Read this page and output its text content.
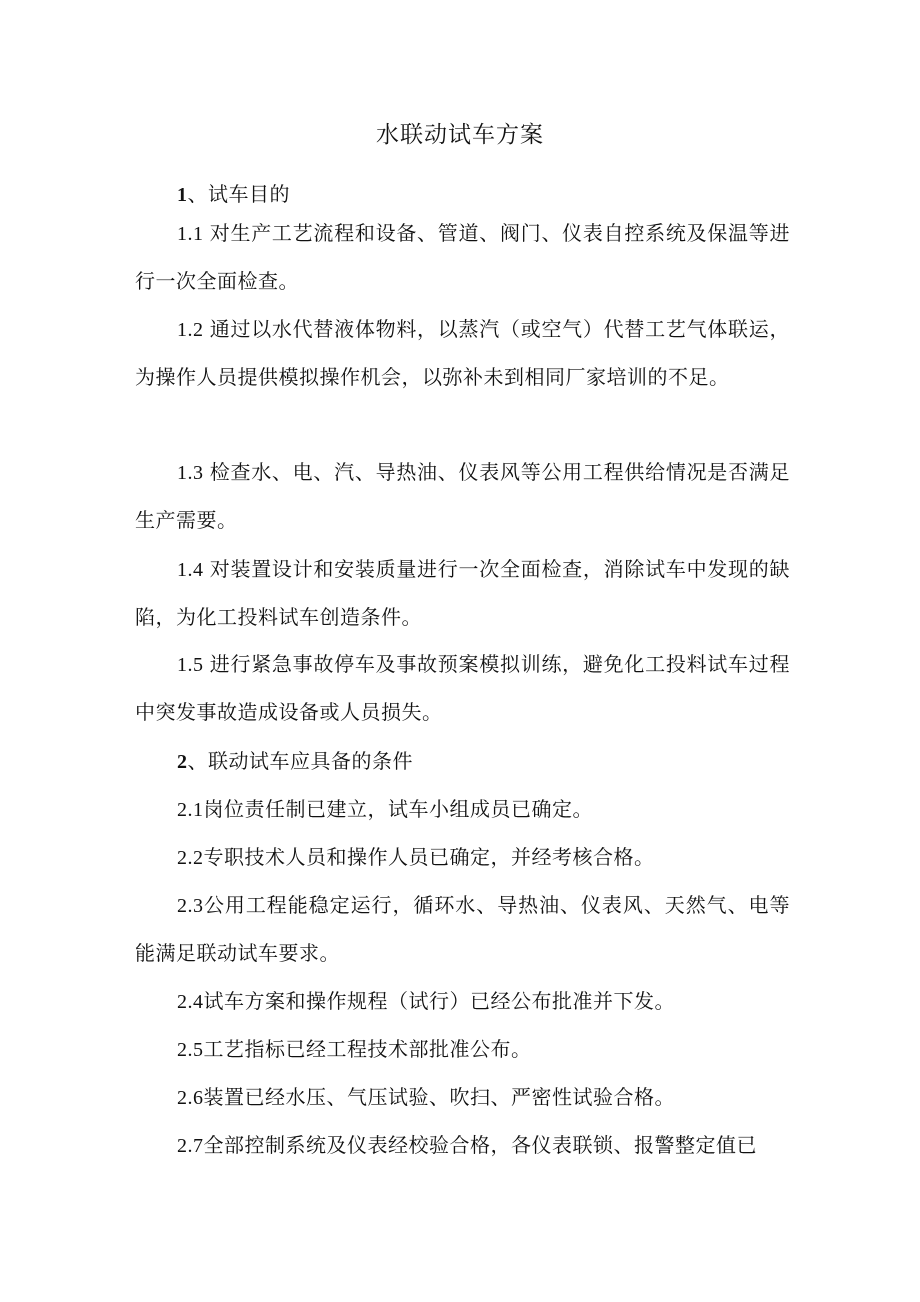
水联动试车方案
1、试车目的
1.1 对生产工艺流程和设备、管道、阀门、仪表自控系统及保温等进行一次全面检查。
1.2 通过以水代替液体物料，以蒸汽（或空气）代替工艺气体联运，为操作人员提供模拟操作机会，以弥补未到相同厂家培训的不足。
1.3 检查水、电、汽、导热油、仪表风等公用工程供给情况是否满足生产需要。
1.4 对装置设计和安装质量进行一次全面检查，消除试车中发现的缺陷，为化工投料试车创造条件。
1.5 进行紧急事故停车及事故预案模拟训练，避免化工投料试车过程中突发事故造成设备或人员损失。
2、联动试车应具备的条件
2.1岗位责任制已建立，试车小组成员已确定。
2.2专职技术人员和操作人员已确定，并经考核合格。
2.3公用工程能稳定运行，循环水、导热油、仪表风、天然气、电等能满足联动试车要求。
2.4试车方案和操作规程（试行）已经公布批准并下发。
2.5工艺指标已经工程技术部批准公布。
2.6装置已经水压、气压试验、吹扫、严密性试验合格。
2.7全部控制系统及仪表经校验合格，各仪表联锁、报警整定值已
